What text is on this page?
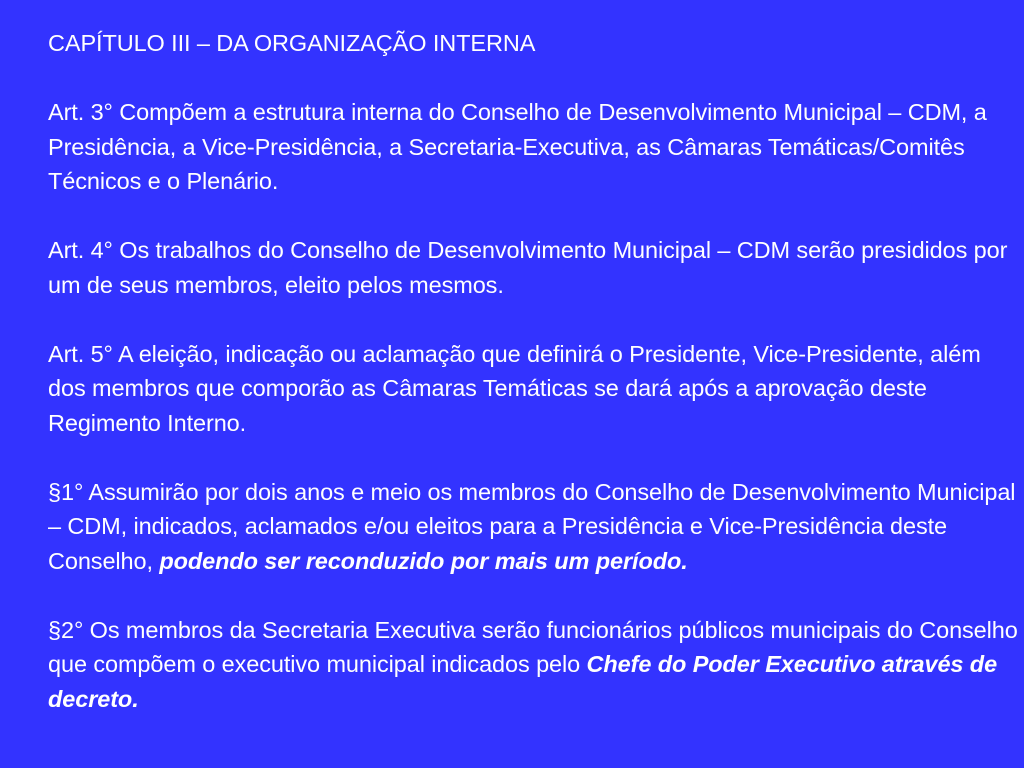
CAPÍTULO III – DA ORGANIZAÇÃO INTERNA

Art. 3° Compõem a estrutura interna do Conselho de Desenvolvimento Municipal – CDM, a Presidência, a Vice-Presidência, a Secretaria-Executiva, as Câmaras Temáticas/Comitês Técnicos e o Plenário.

Art. 4° Os trabalhos do Conselho de Desenvolvimento Municipal – CDM serão presididos por um de seus membros, eleito pelos mesmos.

Art. 5° A eleição, indicação ou aclamação que definirá o Presidente, Vice-Presidente, além dos membros que comporão as Câmaras Temáticas se dará após a aprovação deste Regimento Interno.

§1° Assumirão por dois anos e meio os membros do Conselho de Desenvolvimento Municipal – CDM, indicados, aclamados e/ou eleitos para a Presidência e Vice-Presidência deste Conselho, podendo ser reconduzido por mais um período.

§2° Os membros da Secretaria Executiva serão funcionários públicos municipais do Conselho que compõem o executivo municipal indicados pelo Chefe do Poder Executivo através de decreto.
